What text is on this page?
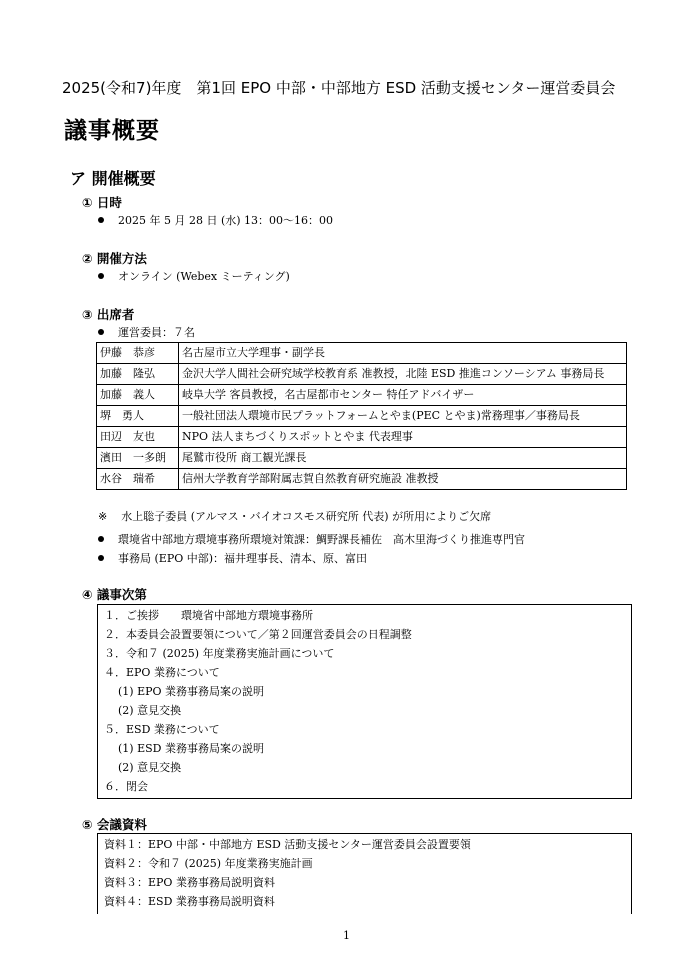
2025(令和7)年度　第1回 EPO 中部・中部地方 ESD 活動支援センター運営委員会
議事概要
ア 開催概要
① 日時
2025 年 5 月 28 日 (水) 13：00～16：00
② 開催方法
オンライン (Webex ミーティング)
③ 出席者
運営委員：７名
伊藤　恭彦	名古屋市立大学理事・副学長
加藤　隆弘	金沢大学人間社会研究域学校教育系 准教授，北陸 ESD 推進コンソーシアム 事務局長
加藤　義人	岐阜大学 客員教授，名古屋都市センター 特任アドバイザー
堺　勇人	一般社団法人環境市民プラットフォームとやま(PEC とやま)常務理事／事務局長
田辺　友也	NPO 法人まちづくりスポットとやま 代表理事
濱田　一多朗	尾鷲市役所 商工観光課長
水谷　瑞希	信州大学教育学部附属志賀自然教育研究施設 准教授
※ 水上聡子委員 (アルマス・バイオコスモス研究所 代表) が所用によりご欠席
環境省中部地方環境事務所環境対策課：鯛野課長補佐　高木里海づくり推進専門官
事務局 (EPO 中部)：福井理事長、清本、原、富田
④ 議事次第
１．ご挨拶　　環境省中部地方環境事務所
２．本委員会設置要領について／第２回運営委員会の日程調整
３．令和７ (2025) 年度業務実施計画について
４．EPO 業務について
(1) EPO 業務事務局案の説明
(2) 意見交換
５．ESD 業務について
(1) ESD 業務事務局案の説明
(2) 意見交換
６．閉会
⑤ 会議資料
資料１：EPO 中部・中部地方 ESD 活動支援センター運営委員会設置要領
資料２：令和７ (2025) 年度業務実施計画
資料３：EPO 業務事務局説明資料
資料４：ESD 業務事務局説明資料
1
